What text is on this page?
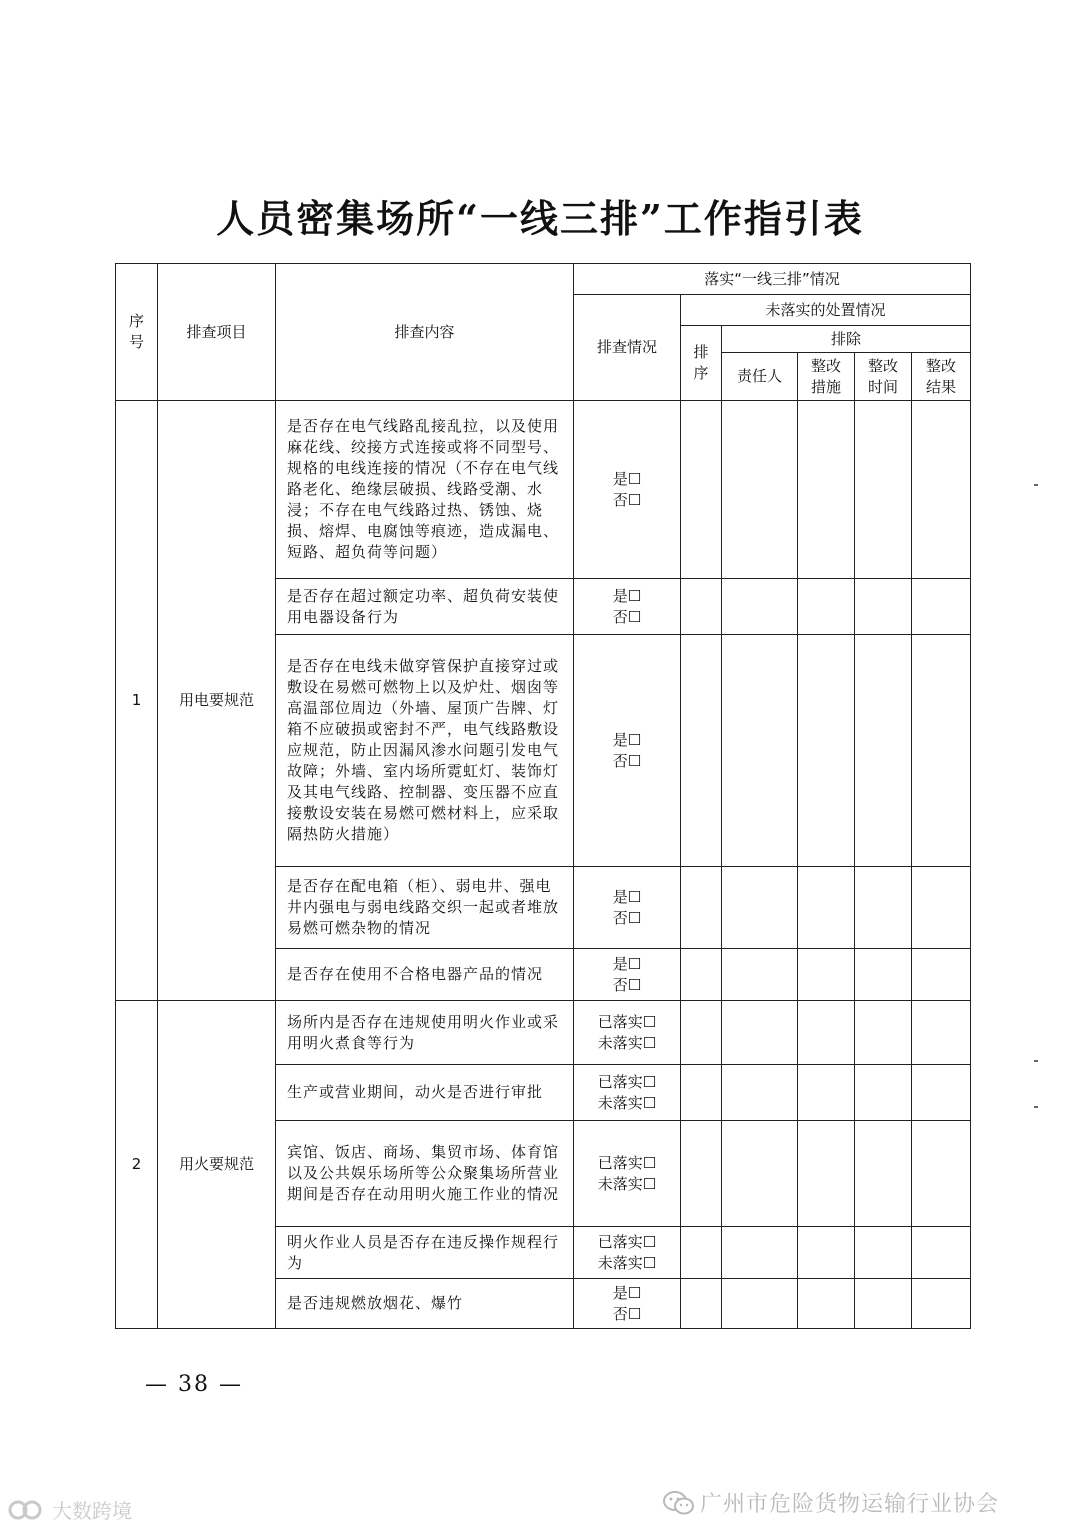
人员密集场所“一线三排”工作指引表
序号	排查项目	排查内容	落实“一线三排”情况					
			排查情况	未落实的处置情况				

				排序	排除			
					责任人	整改措施	整改时间	整改结果

1	用电要规范	是否存在电气线路乱接乱拉，以及使用麻花线、绞接方式连接或将不同型号、规格的电线连接的情况（不存在电气线路老化、绝缘层破损、线路受潮、水浸；不存在电气线路过热、锈蚀、烧损、熔焊、电腐蚀等痕迹，造成漏电、短路、超负荷等问题）	是☐
否☐					

		是否存在超过额定功率、超负荷安装使用电器设备行为	是☐
否☐					

		是否存在电线未做穿管保护直接穿过或敷设在易燃可燃物上以及炉灶、烟囱等高温部位周边（外墙、屋顶广告牌、灯箱不应破损或密封不严，电气线路敷设应规范，防止因漏风渗水问题引发电气故障；外墙、室内场所霓虹灯、装饰灯及其电气线路、控制器、变压器不应直接敷设安装在易燃可燃材料上，应采取隔热防火措施）	是☐
否☐					

		是否存在配电箱（柜）、弱电井、强电井内强电与弱电线路交织一起或者堆放易燃可燃杂物的情况	是☐
否☐					

		是否存在使用不合格电器产品的情况	是☐
否☐					

2	用火要规范	场所内是否存在违规使用明火作业或采用明火煮食等行为	已落实☐
未落实☐					

		生产或营业期间，动火是否进行审批	已落实☐
未落实☐					

		宾馆、饭店、商场、集贸市场、体育馆以及公共娱乐场所等公众聚集场所营业期间是否存在动用明火施工作业的情况	已落实☐
未落实☐					

		明火作业人员是否存在违反操作规程行为	已落实☐
未落实☐					

		是否违规燃放烟花、爆竹	是☐
否☐					

— 38 —
广州市危险货物运输行业协会
大数跨境
